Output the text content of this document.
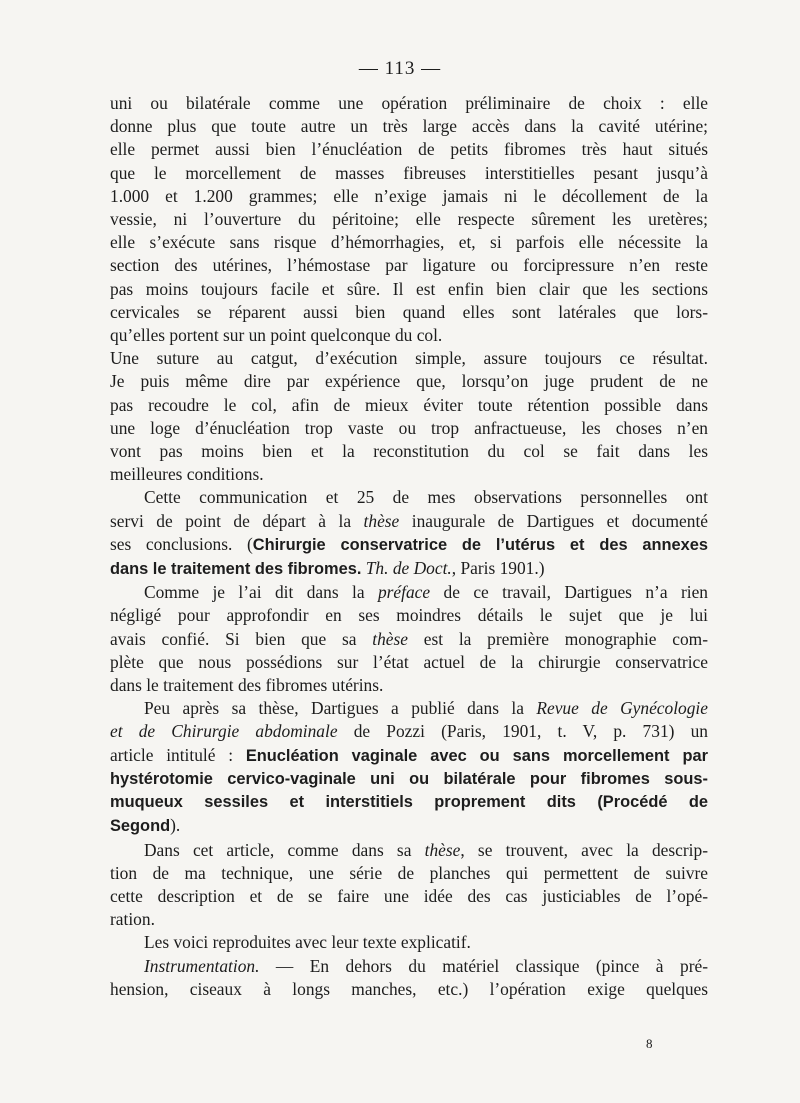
— 113 —

uni ou bilatérale comme une opération préliminaire de choix : elle
donne plus que toute autre un très large accès dans la cavité utérine;
elle permet aussi bien l’énucléation de petits fibromes très haut situés
que le morcellement de masses fibreuses interstitielles pesant jusqu’à
1.000 et 1.200 grammes; elle n’exige jamais ni le décollement de la
vessie, ni l’ouverture du péritoine; elle respecte sûrement les uretères;
elle s’exécute sans risque d’hémorrhagies, et, si parfois elle nécessite la
section des utérines, l’hémostase par ligature ou forcipressure n’en reste
pas moins toujours facile et sûre. Il est enfin bien clair que les sections
cervicales se réparent aussi bien quand elles sont latérales que lors-
qu’elles portent sur un point quelconque du col.

Une suture au catgut, d’exécution simple, assure toujours ce résultat.
Je puis même dire par expérience que, lorsqu’on juge prudent de ne
pas recoudre le col, afin de mieux éviter toute rétention possible dans
une loge d’énucléation trop vaste ou trop anfractueuse, les choses n’en
vont pas moins bien et la reconstitution du col se fait dans les
meilleures conditions.

Cette communication et 25 de mes observations personnelles ont
servi de point de départ à la thèse inaugurale de Dartigues et documenté
ses conclusions. (Chirurgie conservatrice de l’utérus et des annexes
dans le traitement des fibromes. Th. de Doct., Paris 1901.)

Comme je l’ai dit dans la préface de ce travail, Dartigues n’a rien
négligé pour approfondir en ses moindres détails le sujet que je lui
avais confié. Si bien que sa thèse est la première monographie com-
plète que nous possédions sur l’état actuel de la chirurgie conservatrice
dans le traitement des fibromes utérins.

Peu après sa thèse, Dartigues a publié dans la Revue de Gynécologie
et de Chirurgie abdominale de Pozzi (Paris, 1901, t. V, p. 731) un
article intitulé : Enucléation vaginale avec ou sans morcellement par
hystérotomie cervico-vaginale uni ou bilatérale pour fibromes sous-
muqueux sessiles et interstitiels proprement dits (Procédé de
Segond).

Dans cet article, comme dans sa thèse, se trouvent, avec la descrip-
tion de ma technique, une série de planches qui permettent de suivre
cette description et de se faire une idée des cas justiciables de l’opé-
ration.

Les voici reproduites avec leur texte explicatif.

Instrumentation. — En dehors du matériel classique (pince à pré-
hension, ciseaux à longs manches, etc.) l’opération exige quelques

8
